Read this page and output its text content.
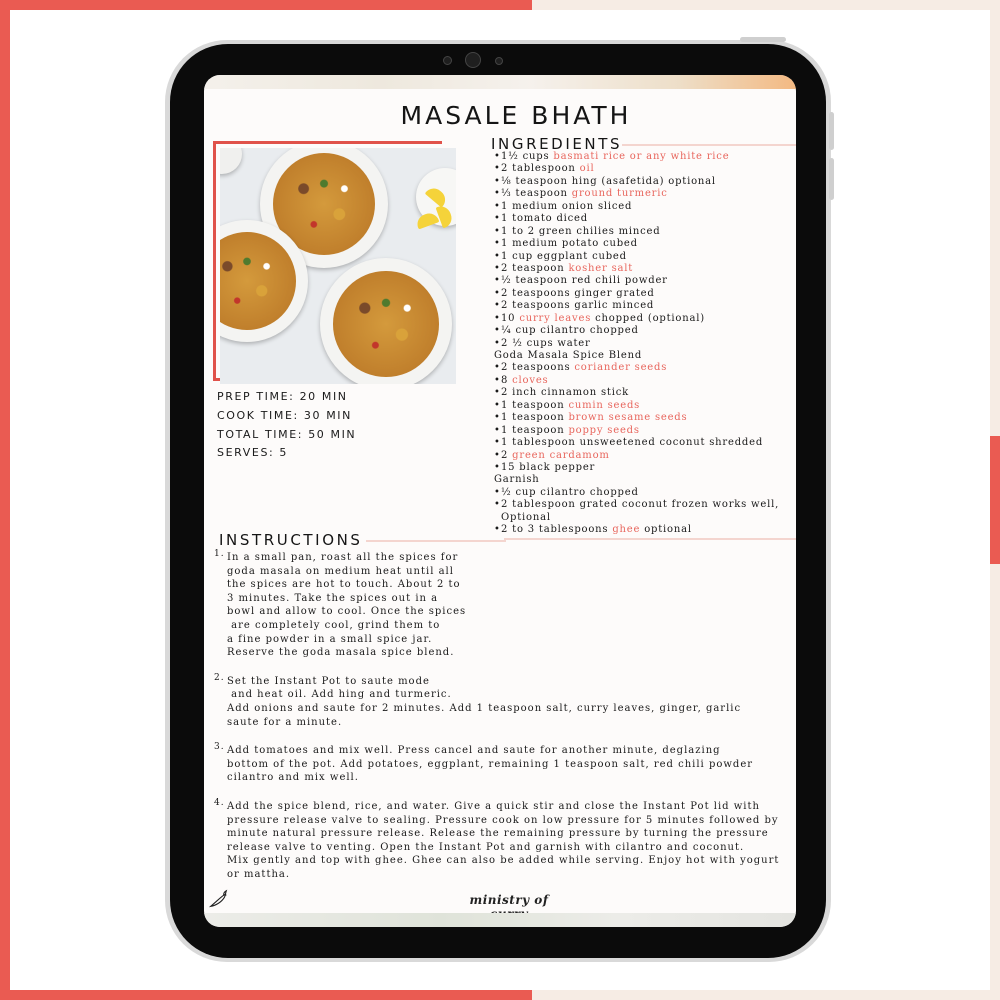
MASALE BHATH

PREP TIME: 20 MIN

COOK TIME: 30 MIN

TOTAL TIME: 50 MIN

SERVES: 5

INGREDIENTS
• 1½ cups basmati rice or any white rice
• 2 tablespoon oil
• ⅛ teaspoon hing (asafetida) optional
• ⅓ teaspoon ground turmeric
• 1 medium onion sliced
• 1 tomato diced
• 1 to 2 green chilies minced
• 1 medium potato cubed
• 1 cup eggplant cubed
• 2 teaspoon kosher salt
• ½ teaspoon red chili powder
• 2 teaspoons ginger grated
• 2 teaspoons garlic minced
• 10 curry leaves chopped (optional)
• ¼ cup cilantro chopped
• 2 ½ cups water
Goda Masala Spice Blend
• 2 teaspoons coriander seeds
• 8 cloves
• 2 inch cinnamon stick
• 1 teaspoon cumin seeds
• 1 teaspoon brown sesame seeds
• 1 teaspoon poppy seeds
• 1 tablespoon unsweetened coconut shredded
• 2 green cardamom
• 15 black pepper
Garnish
• ½ cup cilantro chopped
• 2 tablespoon grated coconut frozen works well, Optional
• 2 to 3 tablespoons ghee optional
INSTRUCTIONS
1. In a small pan, roast all the spices for
goda masala on medium heat until all
the spices are hot to touch. About 2 to
3 minutes. Take the spices out in a
bowl and allow to cool. Once the spices
are completely cool, grind them to
a fine powder in a small spice jar.
Reserve the goda masala spice blend.
2. Set the Instant Pot to saute mode
and heat oil. Add hing and turmeric.
Add onions and saute for 2 minutes. Add 1 teaspoon salt, curry leaves, ginger, garlic
saute for a minute.
3. Add tomatoes and mix well. Press cancel and saute for another minute, deglazing
bottom of the pot. Add potatoes, eggplant, remaining 1 teaspoon salt, red chili powder
cilantro and mix well.
4. Add the spice blend, rice, and water. Give a quick stir and close the Instant Pot lid with
pressure release valve to sealing. Pressure cook on low pressure for 5 minutes followed by
minute natural pressure release. Release the remaining pressure by turning the pressure
release valve to venting. Open the Instant Pot and garnish with cilantro and coconut.
Mix gently and top with ghee. Ghee can also be added while serving. Enjoy hot with yogurt
or mattha.

ministry of
